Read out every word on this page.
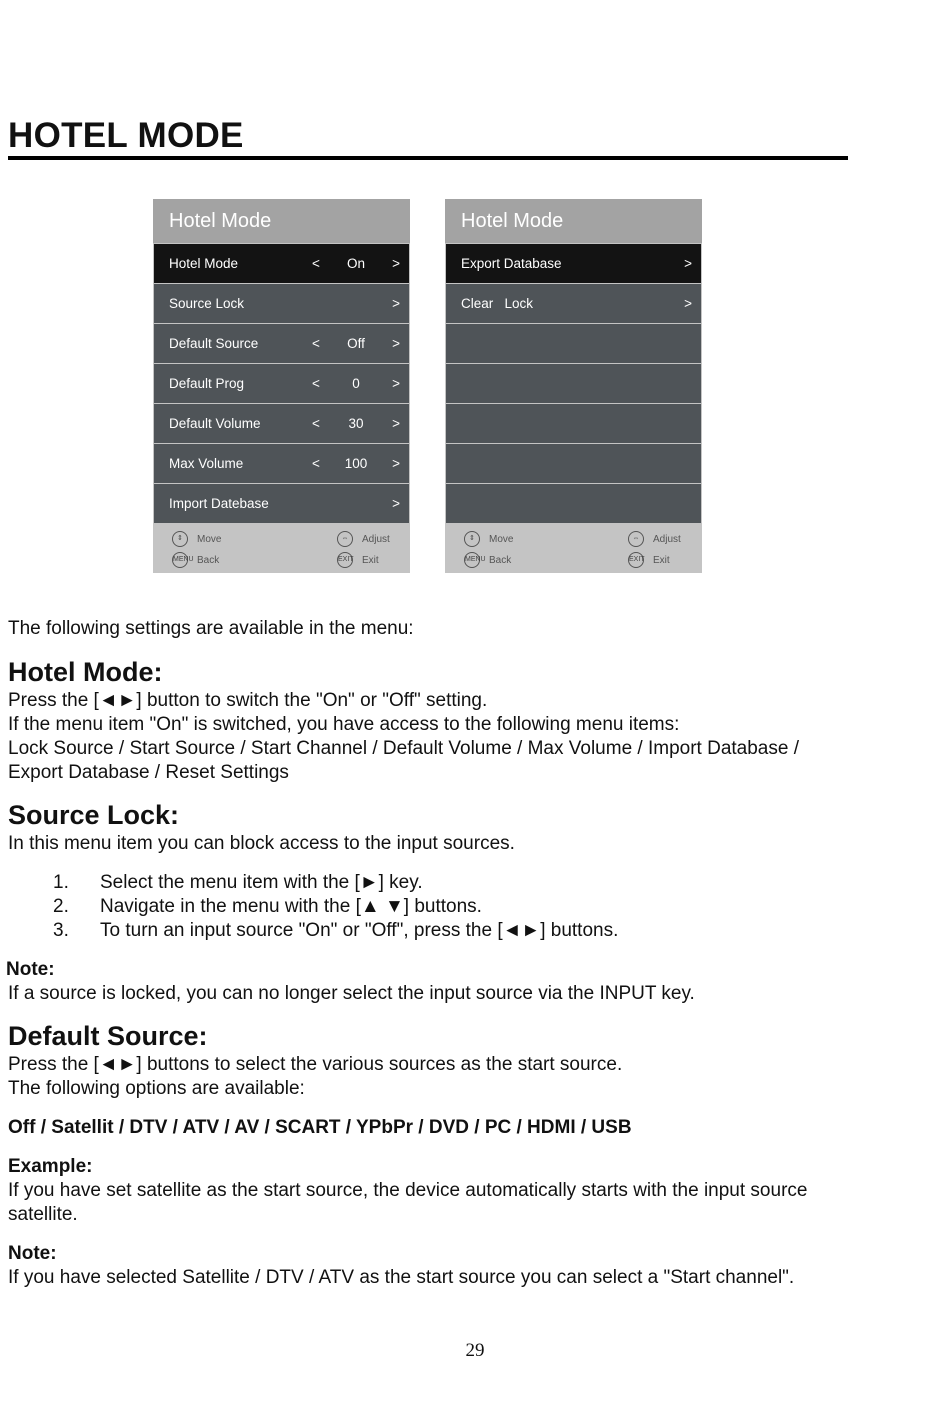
HOTEL MODE
Hotel Mode
Hotel Mode	<	On	>
Source Lock	>
Default Source	<	Off	>
Default Prog	<	0	>
Default Volume	<	30	>
Max Volume	<	100	>
Import Datebase	>
⇕	Move	⇔	Adjust
MENU Back	EXIT Exit
Hotel Mode
Export Database	>
Clear   Lock	>
⇕	Move	⇔	Adjust
MENU Back	EXIT Exit
The following settings are available in the menu:
Hotel Mode:
Press the [◄►] button to switch the "On" or "Off" setting.
If the menu item "On" is switched, you have access to the following menu items:
Lock Source / Start Source / Start Channel / Default Volume / Max Volume / Import Database /
Export Database / Reset Settings
Source Lock:
In this menu item you can block access to the input sources.
1. Select the menu item with the [►] key.
2. Navigate in the menu with the [▲ ▼] buttons.
3. To turn an input source "On" or "Off", press the [◄►] buttons.
Note:
If a source is locked, you can no longer select the input source via the INPUT key.
Default Source:
Press the [◄►] buttons to select the various sources as the start source.
The following options are available:
Off / Satellit / DTV / ATV / AV / SCART / YPbPr / DVD / PC / HDMI / USB
Example:
If you have set satellite as the start source, the device automatically starts with the input source
satellite.
Note:
If you have selected Satellite / DTV / ATV as the start source you can select a "Start channel".
29
